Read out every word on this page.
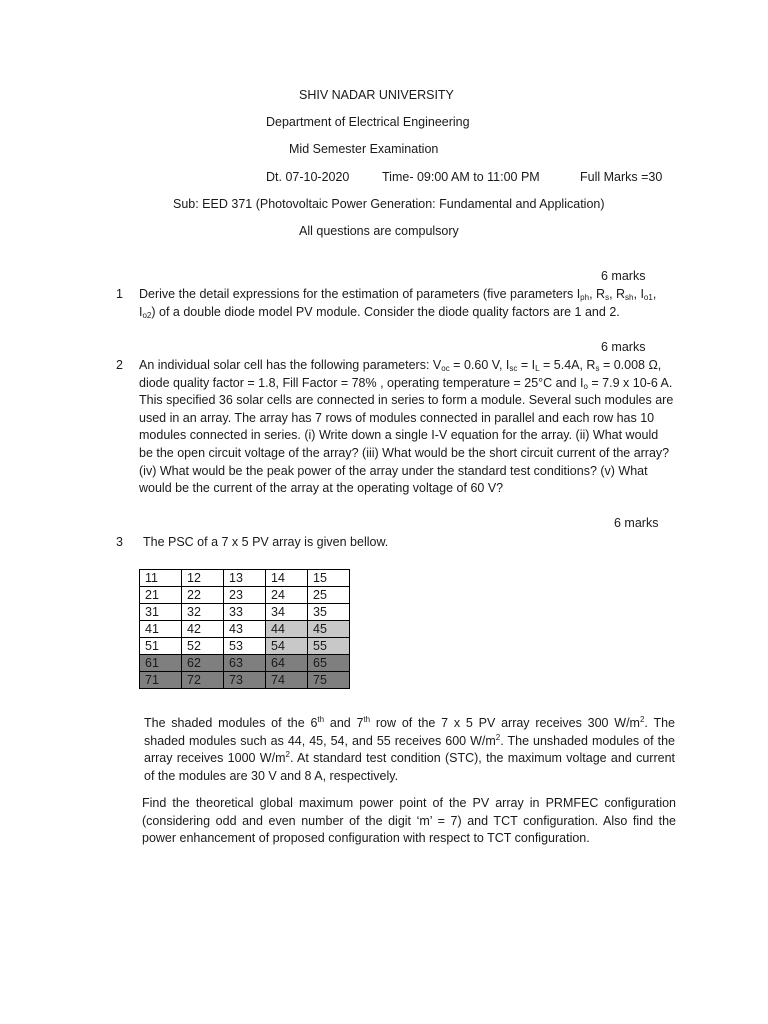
SHIV NADAR UNIVERSITY
Department of Electrical Engineering
Mid Semester Examination
Dt. 07-10-2020	Time- 09:00 AM to 11:00 PM	Full Marks =30
Sub: EED 371 (Photovoltaic Power Generation: Fundamental and Application)
All questions are compulsory
6 marks
1 Derive the detail expressions for the estimation of parameters (five parameters $I_{ph}$, $R_s$, $R_{sh}$, $I_{o1}$, $I_{o2}$) of a double diode model PV module. Consider the diode quality factors are 1 and 2.
6 marks
2 An individual solar cell has the following parameters: $V_{oc} = 0.60$ V, $I_{sc} = I_L = 5.4A$, $R_s = 0.008$ Ω, diode quality factor = 1.8, Fill Factor = 78% , operating temperature = 25°C and $I_o = 7.9$ x 10-6 A. This specified 36 solar cells are connected in series to form a module. Several such modules are used in an array. The array has 7 rows of modules connected in parallel and each row has 10 modules connected in series. (i) Write down a single I-V equation for the array. (ii) What would be the open circuit voltage of the array? (iii) What would be the short circuit current of the array? (iv) What would be the peak power of the array under the standard test conditions? (v) What would be the current of the array at the operating voltage of 60 V?
6 marks
3 The PSC of a 7 x 5 PV array is given bellow.
11	12	13	14	15
21	22	23	24	25
31	32	33	34	35
41	42	43	44	45
51	52	53	54	55
61	62	63	64	65
71	72	73	74	75
The shaded modules of the 6th and 7th row of the 7 x 5 PV array receives 300 $W/m^2$. The shaded modules such as 44, 45, 54, and 55 receives 600 $W/m^2$. The unshaded modules of the array receives 1000 $W/m^2$. At standard test condition (STC), the maximum voltage and current of the modules are 30 V and 8 A, respectively.
Find the theoretical global maximum power point of the PV array in PRMFEC configuration (considering odd and even number of the digit ‘m’ = 7) and TCT configuration. Also find the power enhancement of proposed configuration with respect to TCT configuration.
